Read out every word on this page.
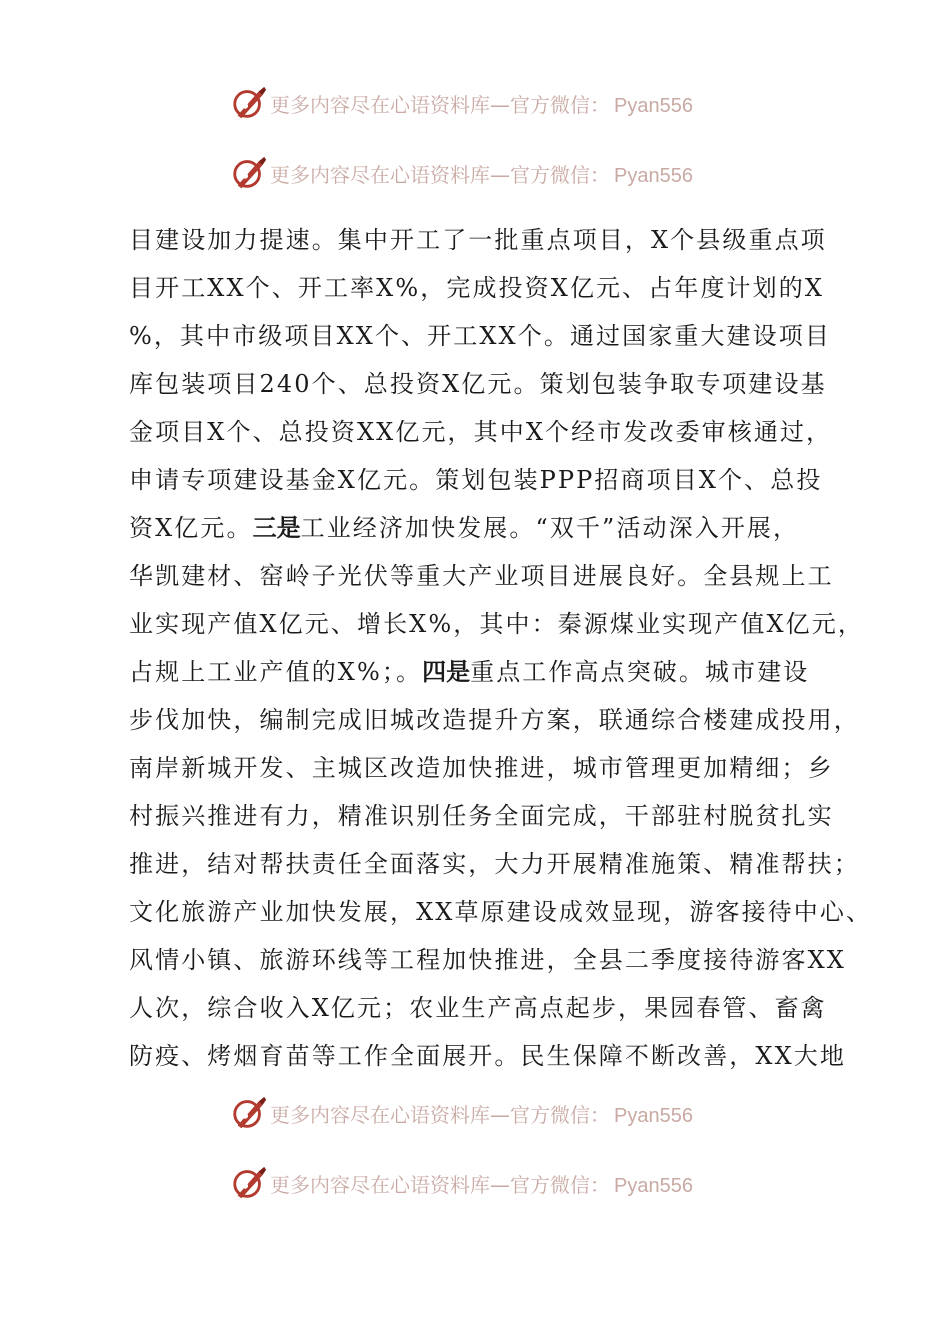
更多内容尽在心语资料库—官方微信： Pyan556
更多内容尽在心语资料库—官方微信： Pyan556
目建设加力提速。集中开工了一批重点项目，X个县级重点项
目开工XX个、开工率X%，完成投资X亿元、占年度计划的X
%，其中市级项目XX个、开工XX个。通过国家重大建设项目
库包装项目240个、总投资X亿元。策划包装争取专项建设基
金项目X个、总投资XX亿元，其中X个经市发改委审核通过，
申请专项建设基金X亿元。策划包装PPP招商项目X个、总投
资X亿元。三是工业经济加快发展。“双千”活动深入开展，
华凯建材、窑岭子光伏等重大产业项目进展良好。全县规上工
业实现产值X亿元、增长X%，其中：秦源煤业实现产值X亿元，
占规上工业产值的X%；。四是重点工作高点突破。城市建设
步伐加快，编制完成旧城改造提升方案，联通综合楼建成投用，
南岸新城开发、主城区改造加快推进，城市管理更加精细；乡
村振兴推进有力，精准识别任务全面完成，干部驻村脱贫扎实
推进，结对帮扶责任全面落实，大力开展精准施策、精准帮扶；
文化旅游产业加快发展，XX草原建设成效显现，游客接待中心、
风情小镇、旅游环线等工程加快推进，全县二季度接待游客XX
人次，综合收入X亿元；农业生产高点起步，果园春管、畜禽
防疫、烤烟育苗等工作全面展开。民生保障不断改善，XX大地
更多内容尽在心语资料库—官方微信： Pyan556
更多内容尽在心语资料库—官方微信： Pyan556
